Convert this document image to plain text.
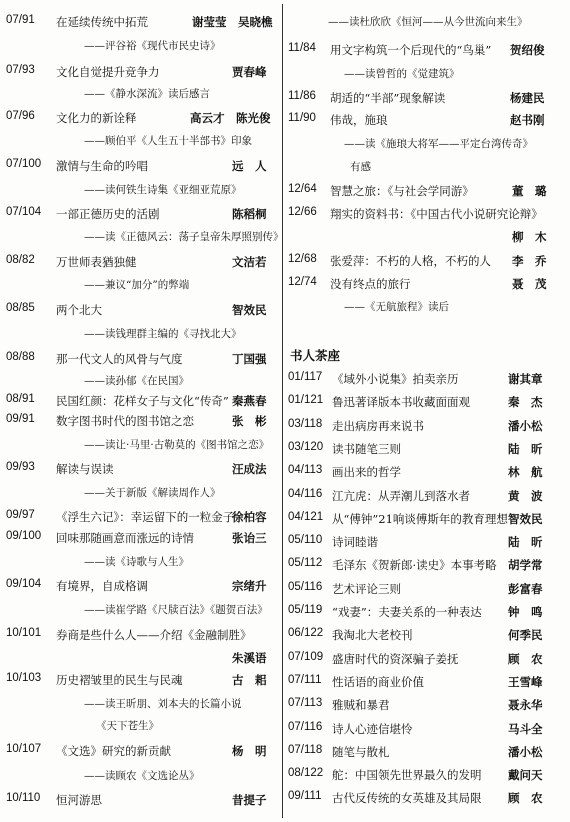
07/91 在延续传统中拓荒	谢莹莹　吴晓樵
——评谷裕《现代市民史诗》
07/93 文化自觉提升竞争力	贾春峰
——《静水深流》读后感言
07/96 文化力的新诠释	高云才　陈光俊
——顾伯平《人生五十半部书》印象
07/100 激情与生命的吟唱	远　人
——读何铁生诗集《亚细亚荒原》
07/104 一部正德历史的活剧	陈稻桐
——读《正德风云：荡子皇帝朱厚照别传》
08/82 万世师表猶独健	文洁若
——兼议“加分”的弊端
08/85 两个北大	智效民
——读钱理群主编的《寻找北大》
08/88 那一代文人的风骨与气度	丁国强
——读孙郁《在民国》
08/91 民国红颜：花样女子与文化“传奇” 秦燕春
09/91 数字图书时代的图书馆之恋	张　彬
——读让·马里·古勒莫的《图书馆之恋》
09/93 解读与误读	汪成法
——关于新版《解读周作人》
09/97 《浮生六记》：幸运留下的一粒金子
徐柏容
09/100 回味那随画意而涨远的诗情	张诒三
——读《诗歌与人生》
09/104 有境界，自成格调	宗绪升
——读崔学路《尺牍百法》《题贺百法》
10/101 券商是些什么人——介绍《金融制胜》
朱溪语
10/103 历史褶皱里的民生与民魂	古　耜
——读王昕朋、刘本夫的长篇小说
《天下苍生》
10/107 《文选》研究的新贡献	杨　明
——读顾农《文选论丛》
10/110 恒河游思	昔提子
——读杜欣欣《恒河——从今世流向来生》
11/84 用文字构筑一个后现代的“鸟巢” 贺绍俊
——读曾哲的《觉建筑》
11/86 胡适的“半部”现象解读	杨建民
11/90 伟哉，施琅	赵书刚
——读《施琅大将军——平定台湾传奇》
有感
12/64 智慧之旅：《与社会学同游》	董　璐
12/66 翔实的资料书：《中国古代小说研究论辩》
柳　木
12/68 张爱萍：不朽的人格，不朽的人 李　乔
12/74 没有终点的旅行	聂　茂
——《无航旅程》读后
书人茶座
01/117 《域外小说集》拍卖亲历	谢其章
01/121 鲁迅著译版本书收藏面面观	秦　杰
03/118 走出病房再来说书	潘小松
03/120 读书随笔三则	陆　昕
04/113 画出来的哲学	林　航
04/116 江亢虎：从弄潮儿到落水者	黄　波
04/121 从“傅钟”21响谈傅斯年的教育理想 智效民
05/110 诗词睦谐	陆　昕
05/112 毛泽东《贺新郎·读史》本事考略 胡学常
05/116 艺术评论三则	彭富春
05/119 “戏妻”：夫妻关系的一种表达 钟　鸣
06/122 我淘北大老校刊	何季民
07/109 盛唐时代的资深骗子姜抚	顾　农
07/111 性话语的商业价值	王雪峰
07/113 雅贼和暴君	聂永华
07/116 诗人心迹信堪怜	马斗全
07/118 随笔与散札	潘小松
08/122 舵：中国领先世界最久的发明 戴问天
09/111 古代反传统的女英雄及其局限 顾　农
